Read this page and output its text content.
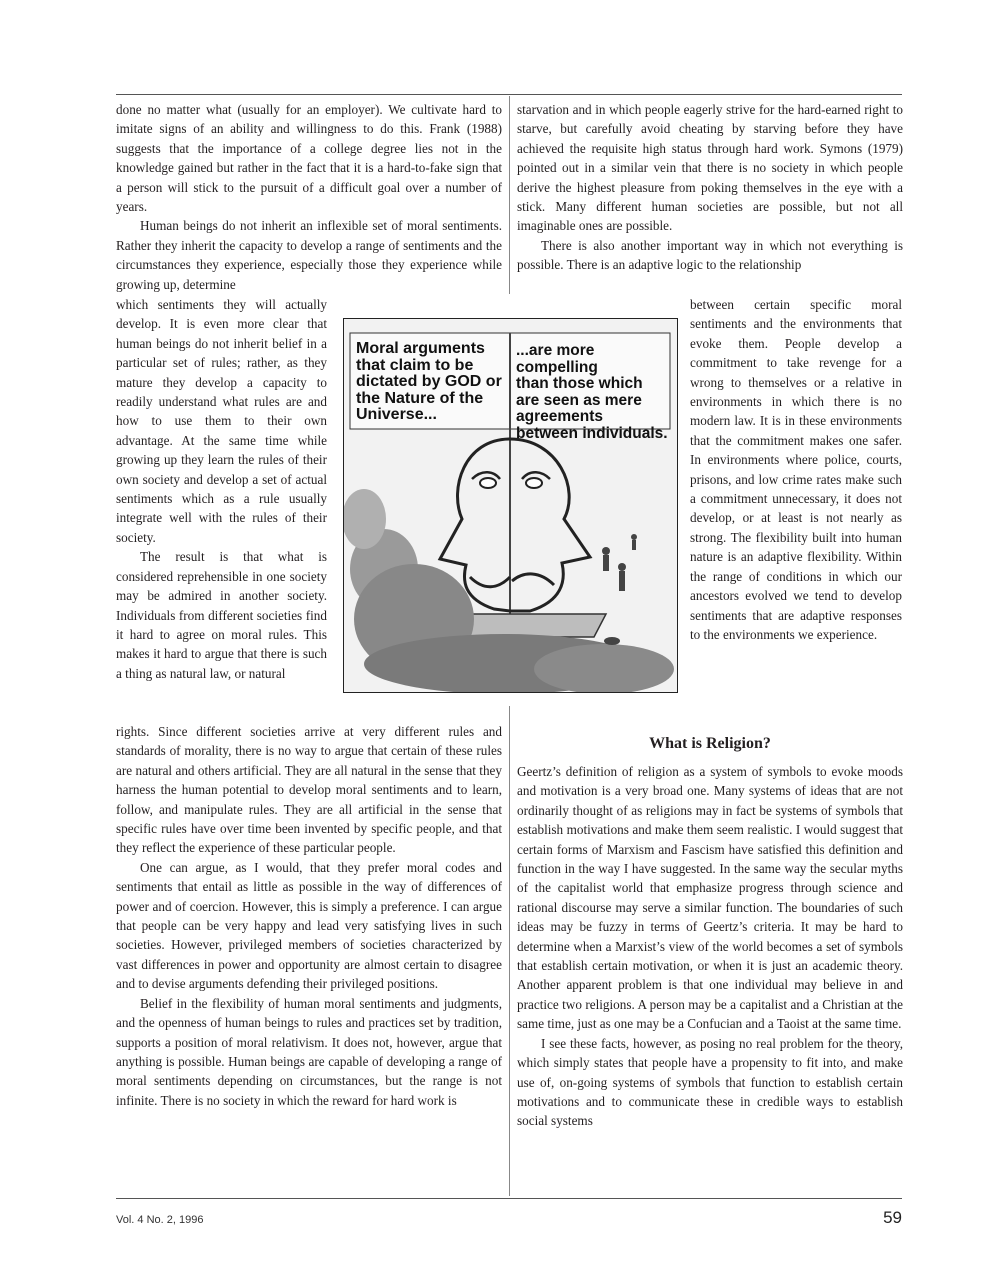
done no matter what (usually for an employer). We cultivate hard to imitate signs of an ability and willingness to do this. Frank (1988) suggests that the importance of a college degree lies not in the knowledge gained but rather in the fact that it is a hard-to-fake sign that a person will stick to the pursuit of a difficult goal over a number of years.

Human beings do not inherit an inflexible set of moral sentiments. Rather they inherit the capacity to develop a range of sentiments and the circumstances they experience, especially those they experience while growing up, determine

which sentiments they will actually develop. It is even more clear that human beings do not inherit belief in a particular set of rules; rather, as they mature they develop a capacity to readily understand what rules are and how to use them to their own advantage. At the same time while growing up they learn the rules of their own society and develop a set of actual sentiments which as a rule usually integrate well with the rules of their society.

The result is that what is considered reprehensible in one society may be admired in another society. Individuals from different societies find it hard to agree on moral rules. This makes it hard to argue that there is such a thing as natural law, or natural

rights. Since different societies arrive at very different rules and standards of morality, there is no way to argue that certain of these rules are natural and others artificial. They are all natural in the sense that they harness the human potential to develop moral sentiments and to learn, follow, and manipulate rules. They are all artificial in the sense that specific rules have over time been invented by specific people, and that they reflect the experience of these particular people.

One can argue, as I would, that they prefer moral codes and sentiments that entail as little as possible in the way of differences of power and of coercion. However, this is simply a preference. I can argue that people can be very happy and lead very satisfying lives in such societies. However, privileged members of societies characterized by vast differences in power and opportunity are almost certain to disagree and to devise arguments defending their privileged positions.

Belief in the flexibility of human moral sentiments and judgments, and the openness of human beings to rules and practices set by tradition, supports a position of moral relativism. It does not, however, argue that anything is possible. Human beings are capable of developing a range of moral sentiments depending on circumstances, but the range is not infinite. There is no society in which the reward for hard work is

starvation and in which people eagerly strive for the hard-earned right to starve, but carefully avoid cheating by starving before they have achieved the requisite high status through hard work. Symons (1979) pointed out in a similar vein that there is no society in which people derive the highest pleasure from poking themselves in the eye with a stick. Many different human societies are possible, but not all imaginable ones are possible.

There is also another important way in which not everything is possible. There is an adaptive logic to the relationship

between certain specific moral sentiments and the environments that evoke them. People develop a commitment to take revenge for a wrong to themselves or a relative in environments in which there is no modern law. It is in these environments that the commitment makes one safer. In environments where police, courts, prisons, and low crime rates make such a commitment unnecessary, it does not develop, or at least is not nearly as strong. The flexibility built into human nature is an adaptive flexibility. Within the range of conditions in which our ancestors evolved we tend to develop sentiments that are adaptive responses to the environments we experience.

What is Religion?

Geertz’s definition of religion as a system of symbols to evoke moods and motivation is a very broad one. Many systems of ideas that are not ordinarily thought of as religions may in fact be systems of symbols that establish motivations and make them seem realistic. I would suggest that certain forms of Marxism and Fascism have satisfied this definition and function in the way I have suggested. In the same way the secular myths of the capitalist world that emphasize progress through science and rational discourse may serve a similar function. The boundaries of such ideas may be fuzzy in terms of Geertz’s criteria. It may be hard to determine when a Marxist’s view of the world becomes a set of symbols that establish certain motivation, or when it is just an academic theory. Another apparent problem is that one individual may believe in and practice two religions. A person may be a capitalist and a Christian at the same time, just as one may be a Confucian and a Taoist at the same time.

I see these facts, however, as posing no real problem for the theory, which simply states that people have a propensity to fit into, and make use of, on-going systems of symbols that function to establish certain motivations and to communicate these in credible ways to establish social systems

Moral arguments
that claim to be
dictated by GOD or
the Nature of the
Universe...
...are more compelling
than those which
are seen as mere
agreements
between individuals.
Vol. 4 No. 2, 1996	59
